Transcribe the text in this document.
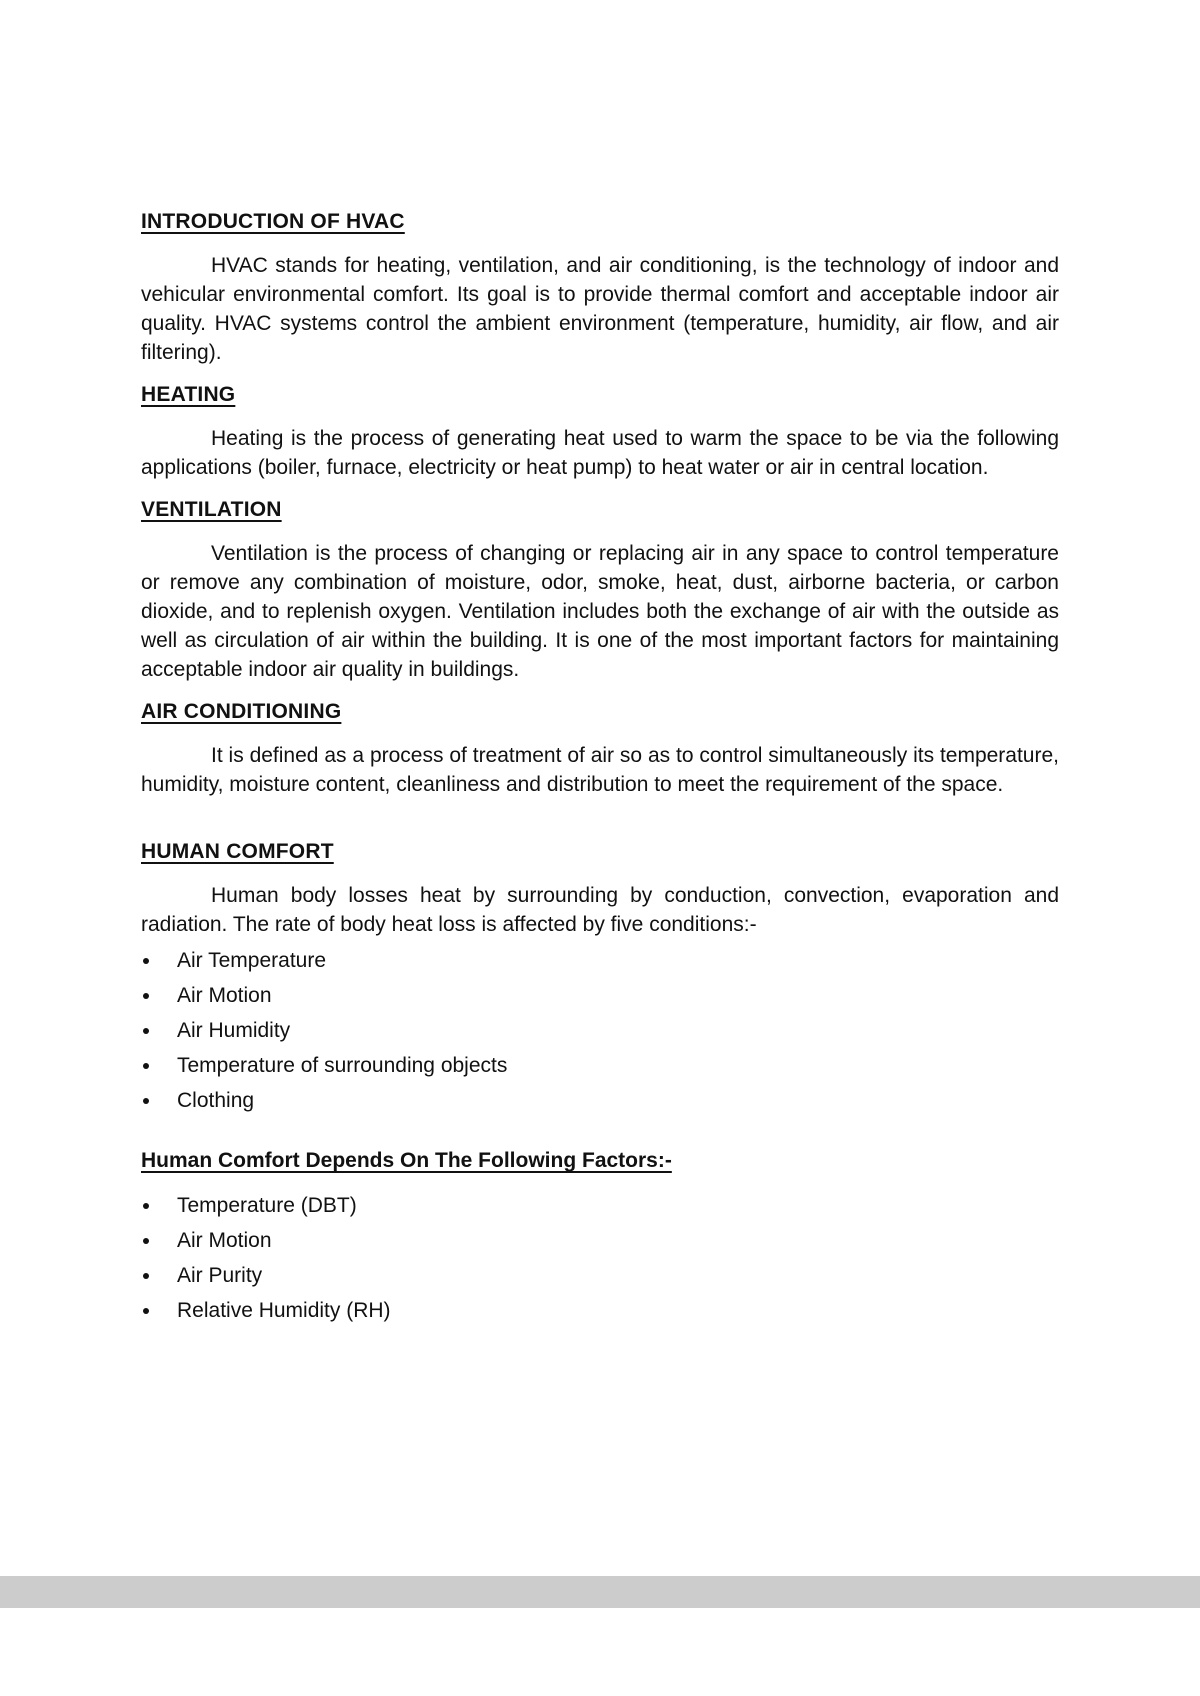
INTRODUCTION OF HVAC

HVAC stands for heating, ventilation, and air conditioning, is the technology of indoor and vehicular environmental comfort. Its goal is to provide thermal comfort and acceptable indoor air quality. HVAC systems control the ambient environment (temperature, humidity, air flow, and air filtering).

HEATING

Heating is the process of generating heat used to warm the space to be via the following applications (boiler, furnace, electricity or heat pump) to heat water or air in central location.

VENTILATION

Ventilation is the process of changing or replacing air in any space to control temperature or remove any combination of moisture, odor, smoke, heat, dust, airborne bacteria, or carbon dioxide, and to replenish oxygen. Ventilation includes both the exchange of air with the outside as well as circulation of air within the building. It is one of the most important factors for maintaining acceptable indoor air quality in buildings.

AIR CONDITIONING

It is defined as a process of treatment of air so as to control simultaneously its temperature, humidity, moisture content, cleanliness and distribution to meet the requirement of the space.

HUMAN COMFORT

Human body losses heat by surrounding by conduction, convection, evaporation and radiation. The rate of body heat loss is affected by five conditions:-

Air Temperature
Air Motion
Air Humidity
Temperature of surrounding objects
Clothing
Human Comfort Depends On The Following Factors:-
Temperature (DBT)
Air Motion
Air Purity
Relative Humidity (RH)
